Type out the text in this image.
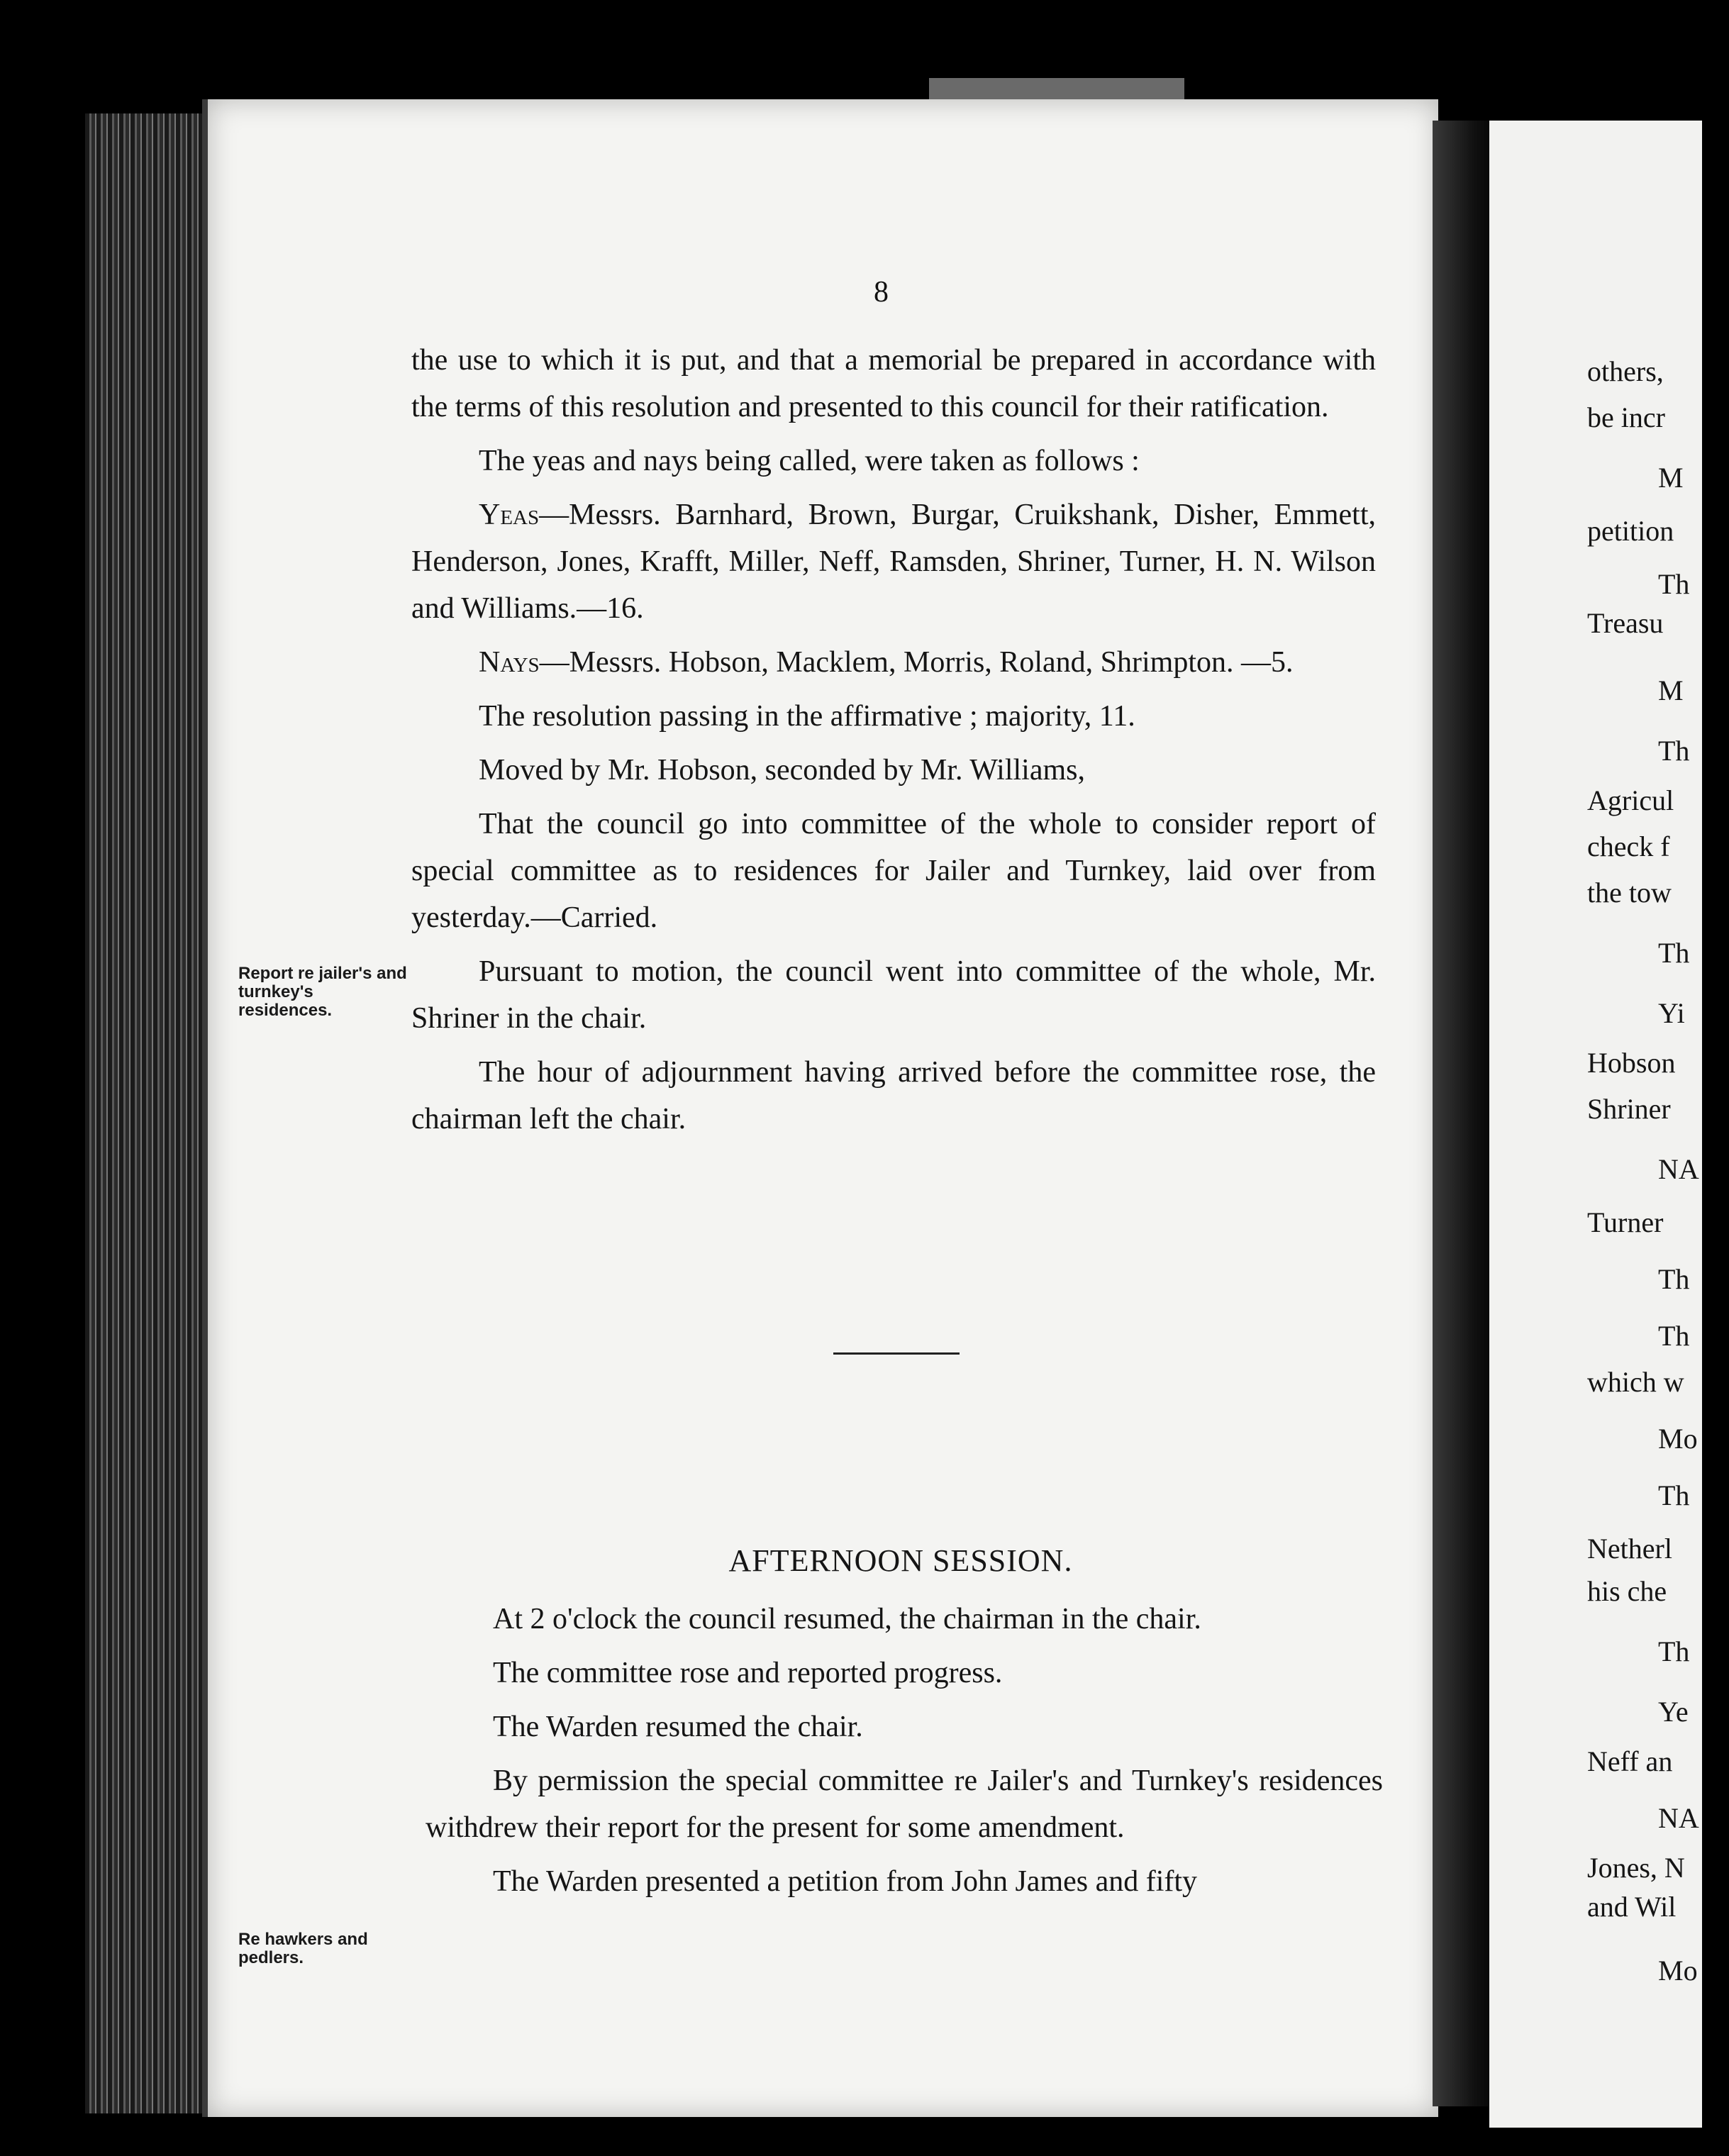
8

the use to which it is put, and that a memorial be prepared in accordance with the terms of this resolution and presented to this council for their ratification.

The yeas and nays being called, were taken as follows :

Yeas—Messrs. Barnhard, Brown, Burgar, Cruikshank, Disher, Emmett, Henderson, Jones, Krafft, Miller, Neff, Ramsden, Shriner, Turner, H. N. Wilson and Williams.—16.

Nays—Messrs. Hobson, Macklem, Morris, Roland, Shrimpton. —5.

The resolution passing in the affirmative ; majority, 11.

Moved by Mr. Hobson, seconded by Mr. Williams,

That the council go into committee of the whole to consider report of special committee as to residences for Jailer and Turnkey, laid over from yesterday.—Carried.

Pursuant to motion, the council went into committee of the whole, Mr. Shriner in the chair.

The hour of adjournment having arrived before the committee rose, the chairman left the chair.

Report re jailer's and turnkey's residences.
AFTERNOON SESSION.

At 2 o'clock the council resumed, the chairman in the chair.

The committee rose and reported progress.

The Warden resumed the chair.

By permission the special committee re Jailer's and Turnkey's residences withdrew their report for the present for some amendment.

The Warden presented a petition from John James and fifty

Re hawkers and pedlers.
others,
be incr
M
petition
Th
Treasu
M
Th
Agricul
check f
the tow
Th
Yi
Hobson
Shriner
NA
Turner
Th
Th
which w
Mo
Th
Netherl
his che
Th
Ye
Neff an
NA
Jones, N
and Wil
Mo
